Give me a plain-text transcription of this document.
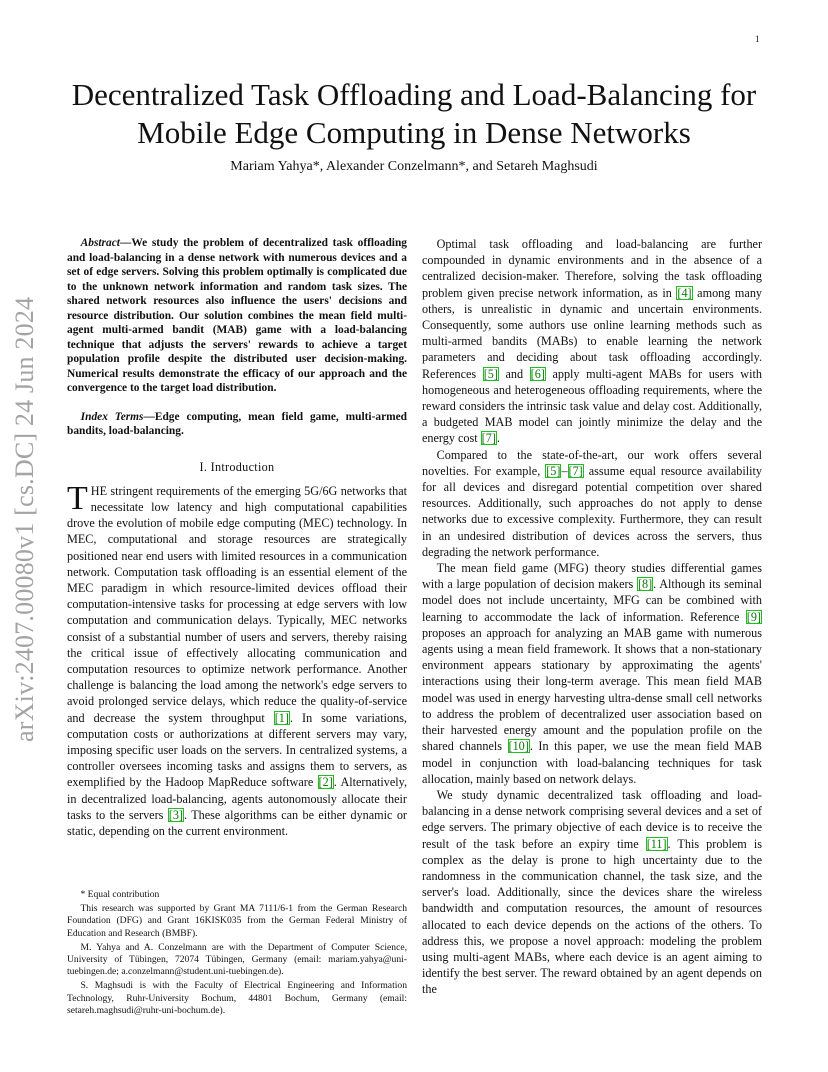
1
arXiv:2407.00080v1 [cs.DC] 24 Jun 2024
Decentralized Task Offloading and Load-Balancing for Mobile Edge Computing in Dense Networks
Mariam Yahya*, Alexander Conzelmann*, and Setareh Maghsudi

Abstract—We study the problem of decentralized task offloading and load-balancing in a dense network with numerous devices and a set of edge servers. Solving this problem optimally is complicated due to the unknown network information and random task sizes. The shared network resources also influence the users' decisions and resource distribution. Our solution combines the mean field multi-agent multi-armed bandit (MAB) game with a load-balancing technique that adjusts the servers' rewards to achieve a target population profile despite the distributed user decision-making. Numerical results demonstrate the efficacy of our approach and the convergence to the target load distribution.

Index Terms—Edge computing, mean field game, multi-armed bandits, load-balancing.

I. Introduction

THE stringent requirements of the emerging 5G/6G networks that necessitate low latency and high computational capabilities drove the evolution of mobile edge computing (MEC) technology. In MEC, computational and storage resources are strategically positioned near end users with limited resources in a communication network. Computation task offloading is an essential element of the MEC paradigm in which resource-limited devices offload their computation-intensive tasks for processing at edge servers with low computation and communication delays. Typically, MEC networks consist of a substantial number of users and servers, thereby raising the critical issue of effectively allocating communication and computation resources to optimize network performance. Another challenge is balancing the load among the network's edge servers to avoid prolonged service delays, which reduce the quality-of-service and decrease the system throughput [1]. In some variations, computation costs or authorizations at different servers may vary, imposing specific user loads on the servers. In centralized systems, a controller oversees incoming tasks and assigns them to servers, as exemplified by the Hadoop MapReduce software [2]. Alternatively, in decentralized load-balancing, agents autonomously allocate their tasks to the servers [3]. These algorithms can be either dynamic or static, depending on the current environment.

* Equal contribution

This research was supported by Grant MA 7111/6-1 from the German Research Foundation (DFG) and Grant 16KISK035 from the German Federal Ministry of Education and Research (BMBF).

M. Yahya and A. Conzelmann are with the Department of Computer Science, University of Tübingen, 72074 Tübingen, Germany (email: mariam.yahya@uni-tuebingen.de; a.conzelmann@student.uni-tuebingen.de).

S. Maghsudi is with the Faculty of Electrical Engineering and Information Technology, Ruhr-University Bochum, 44801 Bochum, Germany (email: setareh.maghsudi@ruhr-uni-bochum.de).

Optimal task offloading and load-balancing are further compounded in dynamic environments and in the absence of a centralized decision-maker. Therefore, solving the task offloading problem given precise network information, as in [4] among many others, is unrealistic in dynamic and uncertain environments. Consequently, some authors use online learning methods such as multi-armed bandits (MABs) to enable learning the network parameters and deciding about task offloading accordingly. References [5] and [6] apply multi-agent MABs for users with homogeneous and heterogeneous offloading requirements, where the reward considers the intrinsic task value and delay cost. Additionally, a budgeted MAB model can jointly minimize the delay and the energy cost [7].

Compared to the state-of-the-art, our work offers several novelties. For example, [5]–[7] assume equal resource availability for all devices and disregard potential competition over shared resources. Additionally, such approaches do not apply to dense networks due to excessive complexity. Furthermore, they can result in an undesired distribution of devices across the servers, thus degrading the network performance.

The mean field game (MFG) theory studies differential games with a large population of decision makers [8]. Although its seminal model does not include uncertainty, MFG can be combined with learning to accommodate the lack of information. Reference [9] proposes an approach for analyzing an MAB game with numerous agents using a mean field framework. It shows that a non-stationary environment appears stationary by approximating the agents' interactions using their long-term average. This mean field MAB model was used in energy harvesting ultra-dense small cell networks to address the problem of decentralized user association based on their harvested energy amount and the population profile on the shared channels [10]. In this paper, we use the mean field MAB model in conjunction with load-balancing techniques for task allocation, mainly based on network delays.

We study dynamic decentralized task offloading and load-balancing in a dense network comprising several devices and a set of edge servers. The primary objective of each device is to receive the result of the task before an expiry time [11]. This problem is complex as the delay is prone to high uncertainty due to the randomness in the communication channel, the task size, and the server's load. Additionally, since the devices share the wireless bandwidth and computation resources, the amount of resources allocated to each device depends on the actions of the others. To address this, we propose a novel approach: modeling the problem using multi-agent MABs, where each device is an agent aiming to identify the best server. The reward obtained by an agent depends on the
